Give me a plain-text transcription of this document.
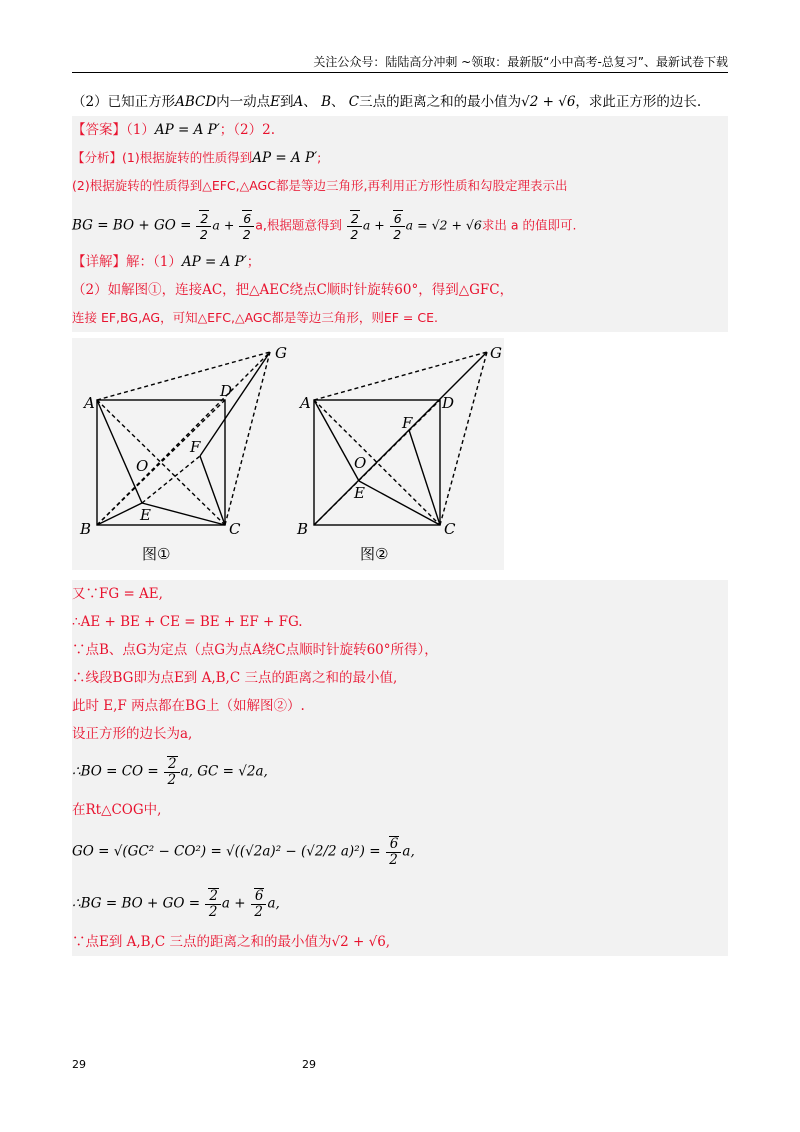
关注公众号：陆陆高分冲刺 ~领取：最新版“小中高考-总复习”、最新试卷下载
（2）已知正方形ABCD内一动点E到A、 B、 C三点的距离之和的最小值为√2 + √6，求此正方形的边长.
【答案】（1）AP = A P′；（2）2.
【分析】(1)根据旋转的性质得到AP = A P′;
(2)根据旋转的性质得到△EFC,△AGC都是等边三角形,再利用正方形性质和勾股定理表示出
BG = BO + GO = $\frac{2}{2}$ $a + \frac{6}{2} a$,根据题意得到 $\frac{2}{2}$ $a + \frac{6}{2}$ a = √2 + √6求出 a 的值即可.
【详解】解：（1）AP = A P′；
（2）如解图①，连接AC，把△AEC绕点C顺时针旋转60°，得到△GFC，
连接 EF,BG,AG，可知△EFC,△AGC都是等边三角形，则EF = CE.
A
D
G
O
F
E
B	C
图①
A	D
G
F
O
E
B	C
图②
又∵FG = AE,
∴AE + BE + CE = BE + EF + FG.
∵点B、点G为定点（点G为点A绕C点顺时针旋转60°所得），
∴线段BG即为点E到 A,B,C 三点的距离之和的最小值,
此时 E,F 两点都在BG上（如解图②）.
设正方形的边长为a,
∴BO = CO = $\frac{2}{2} a$, GC = √2a,
在Rt△COG中,
GO = √(GC² − CO²) = √((√2a)² − (√2/2 $a)^2) = \frac{6}{2} a$,
∴BG = BO + GO = $\frac{2}{2}$ $a + \frac{6}{2} a$,
∵点E到 A,B,C 三点的距离之和的最小值为√2 + √6,
29	29
